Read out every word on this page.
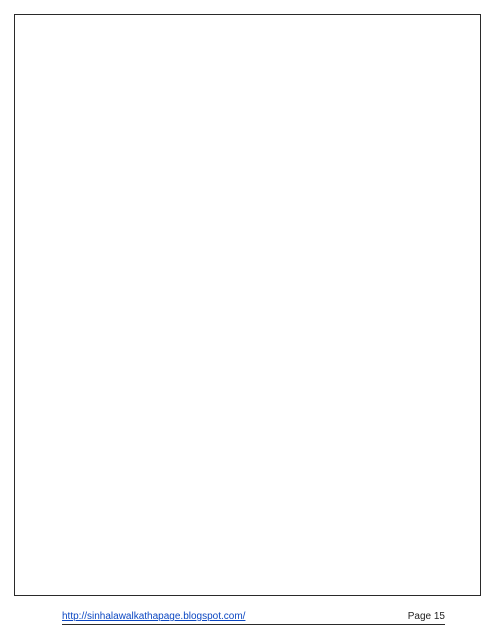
http://sinhalawalkathapage.blogspot.com/	Page 15
